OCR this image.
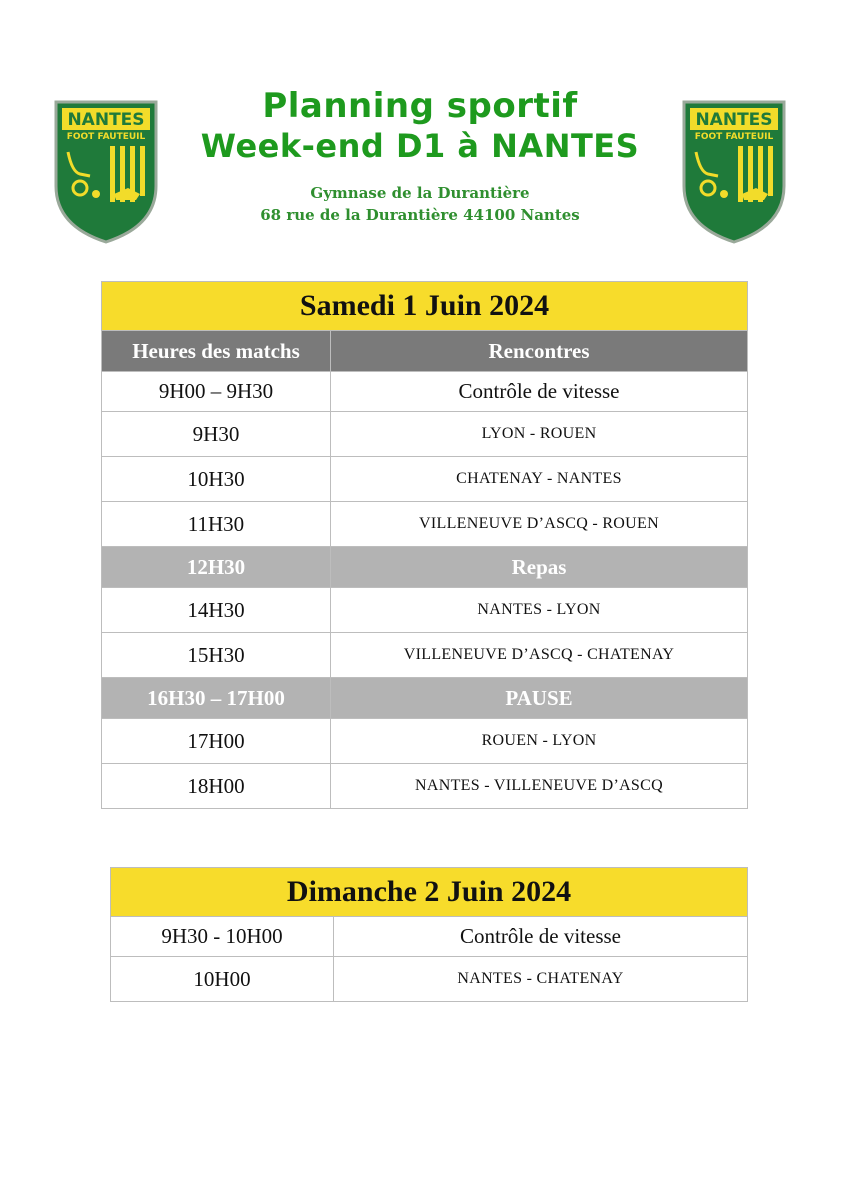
NANTES
FOOT FAUTEUIL
NANTES
FOOT FAUTEUIL
Planning sportif
Week-end D1 à NANTES
Gymnase de la Durantière
68 rue de la Durantière 44100 Nantes
Samedi 1 Juin 2024	
Heures des matchs	Rencontres
9H00 – 9H30	Contrôle de vitesse
9H30	LYON - ROUEN
10H30	CHATENAY - NANTES
11H30	VILLENEUVE D’ASCQ - ROUEN
12H30	Repas
14H30	NANTES - LYON
15H30	VILLENEUVE D’ASCQ - CHATENAY
16H30 – 17H00	PAUSE
17H00	ROUEN - LYON
18H00	NANTES - VILLENEUVE D’ASCQ
Dimanche 2 Juin 2024	
9H30 - 10H00	Contrôle de vitesse
10H00	NANTES - CHATENAY
